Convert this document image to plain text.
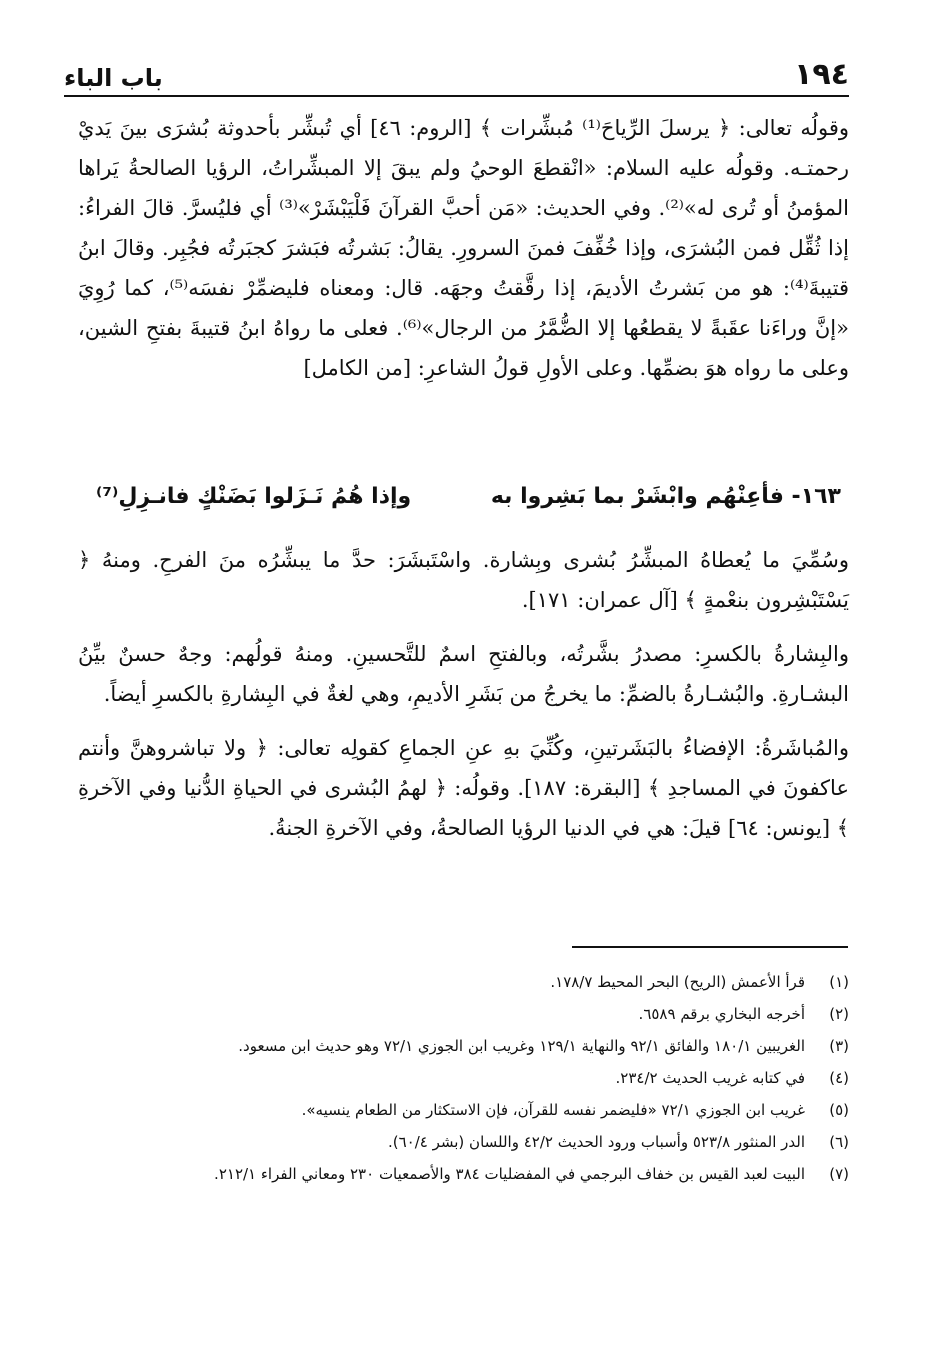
١٩٤
باب الباء

وقولُه تعالى: ﴿ يرسلَ الرِّياحَ⁽¹⁾ مُبشِّرات ﴾ [الروم: ٤٦] أي تُبشِّر بأحدوثة بُشرَى بينَ يَديْ رحمتـه. وقولُه عليه السلام: «انْقطعَ الوحيُ ولم يبقَ إلا المبشِّراتُ، الرؤيا الصالحةُ يَراها المؤمنُ أو تُرى له»⁽²⁾. وفي الحديث: «مَن أحبَّ القرآنَ فَلْيَبْشَرْ»⁽³⁾ أي فليُسرَّ. قالَ الفراءُ: إذا ثُقِّل فمن البُشرَى، وإذا خُفِّفَ فمنَ السرورِ. يقالُ: بَشرتُه فبَشرَ كجبَرتُه فجُبِر. وقالَ ابنُ قتيبةَ⁽⁴⁾: هو من بَشرتُ الأديمَ، إذا رقَّقتُ وجهَه. قال: ومعناه فليضمِّرْ نفسَه⁽⁵⁾، كما رُوِيَ «إنَّ وراءَنا عقَبةً لا يقطعُها إلا الضُّمَّرُ من الرجال»⁽⁶⁾. فعلى ما رواهُ ابنُ قتيبةَ بفتحِ الشين، وعلى ما رواه هوَ بضمِّها. وعلى الأولِ قولُ الشاعرِ: [من الكامل]

١٦٣- فأعِنْهُم وابْشَرْ بما بَشِروا به
وإذا هُمُ نَـزَلوا بَضَنْكٍ فانـزِلِ⁽⁷⁾

وسُمِّيَ ما يُعطاهُ المبشِّرُ بُشرى وبِشارة. واسْتَبشَرَ: حدَّ ما يبشِّرُه منَ الفرحِ. ومنهُ ﴿ يَسْتَبْشِرون بنعْمةٍ ﴾ [آل عمران: ١٧١].

والبِشارةُ بالكسرِ: مصدرُ بشَّرتُه، وبالفتحِ اسمٌ للتَّحسينِ. ومنهُ قولُهم: وجهٌ حسنٌ بيِّنُ البشـارةِ. والبُشـارةُ بالضمِّ: ما يخرجُ من بَشَرِ الأديمِ، وهي لغةٌ في البِشارةِ بالكسرِ أيضاً.

والمُباشَرةُ: الإفضاءُ بالبَشَرتينِ، وكُنِّيَ بهِ عنِ الجماعِ كقولِه تعالى: ﴿ ولا تباشروهنَّ وأنتم عاكفونَ في المساجدِ ﴾ [البقرة: ١٨٧]. وقولُه: ﴿ لهمُ البُشرى في الحياةِ الدُّنيا وفي الآخرةِ ﴾ [يونس: ٦٤] قيلَ: هي في الدنيا الرؤيا الصالحةُ، وفي الآخرةِ الجنةُ.

(١)
قرأ الأعمش (الريح) البحر المحيط ١٧٨/٧.
(٢)
أخرجه البخاري برقم ٦٥٨٩.
(٣)
الغريبين ١٨٠/١ والفائق ٩٢/١ والنهاية ١٢٩/١ وغريب ابن الجوزي ٧٢/١ وهو حديث ابن مسعود.
(٤)
في كتابه غريب الحديث ٢٣٤/٢.
(٥)
غريب ابن الجوزي ٧٢/١ «فليضمر نفسه للقرآن، فإن الاستكثار من الطعام ينسيه».
(٦)
الدر المنثور ٥٢٣/٨ وأسباب ورود الحديث ٤٢/٢ واللسان (بشر ٦٠/٤).
(٧)
البيت لعبد القيس بن خفاف البرجمي في المفضليات ٣٨٤ والأصمعيات ٢٣٠ ومعاني الفراء ٢١٢/١.
